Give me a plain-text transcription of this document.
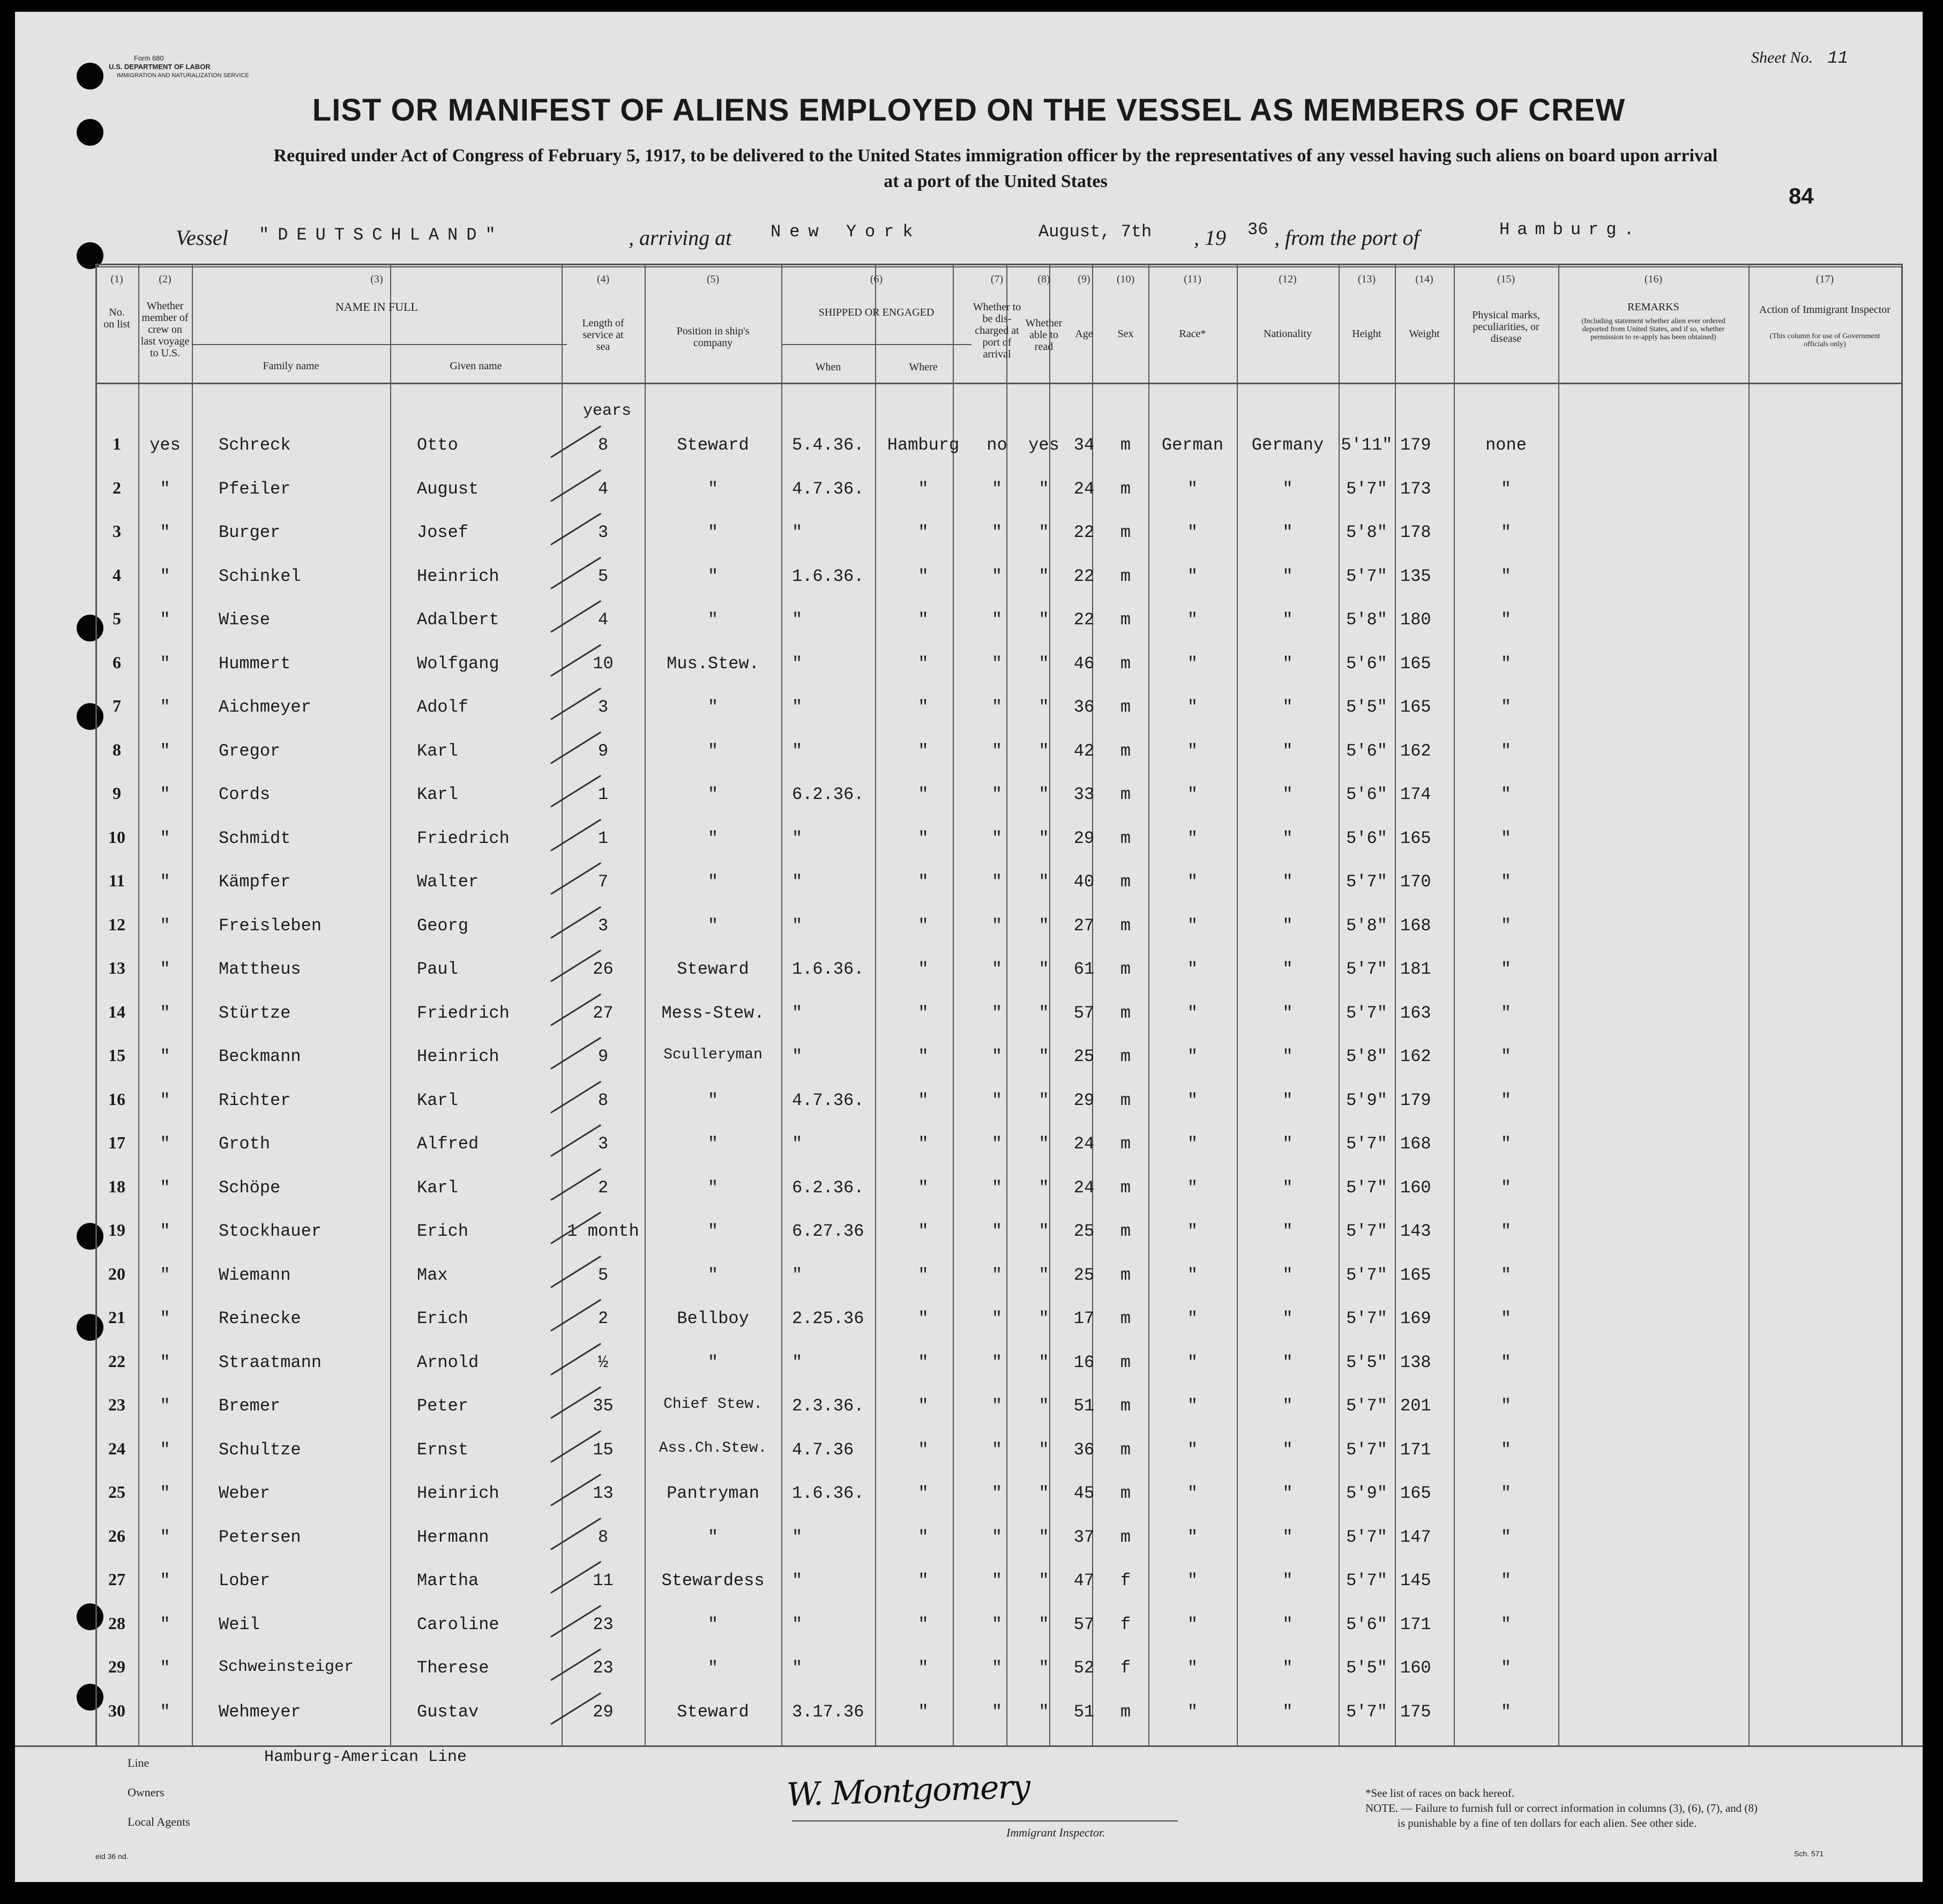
Form 680
U.S. DEPARTMENT OF LABOR
IMMIGRATION AND NATURALIZATION SERVICE
Sheet No. 11
LIST OR MANIFEST OF ALIENS EMPLOYED ON THE VESSEL AS MEMBERS OF CREW
Required under Act of Congress of February 5, 1917, to be delivered to the United States immigration officer by the representatives of any vessel having such aliens on board upon arrival
at a port of the United States
84
Vessel "DEUTSCHLAND"	, arriving at New York	August, 7th , 19 36 , from the port of	Hamburg.
(1)	(2)	(3)	(4)	(5)	(6)	(7)	(8)	(9)	(10)	(11)	(12)	(13)	(14)	(15)	(16)	(17)
No. on list
Whether member of crew on last voyage to U.S.
NAME IN FULL
Family name	Given name
Length of service at sea
Position in ship's company
SHIPPED OR ENGAGED
When	Where
Whether to be dis-charged at port of arrival
Whether able to read
Age	Sex	Race*	Nationality	Height	Weight
Physical marks, peculiarities, or disease
REMARKS
(Including statement whether alien ever ordered deported from United States, and if so, whether permission to re-apply has been obtained)
Action of Immigrant Inspector
(This column for use of Government officials only)
years
1	yes	Schreck	Otto	8	Steward	5.4.36.	Hamburg	no	yes 34	m	German	Germany	5'11" 179	none
2	"	Pfeiler	August	4	"	4.7.36.	"	"	"	24	m	"	"	5'7" 173	"
3	"	Burger	Josef	3	"	"	"	"	"	22	m	"	"	5'8" 178	"
4	"	Schinkel	Heinrich	5	"	1.6.36.	"	"	"	22	m	"	"	5'7" 135	"
5	"	Wiese	Adalbert	4	"	"	"	"	"	22	m	"	"	5'8" 180	"
6	"	Hummert	Wolfgang	10	Mus.Stew.	"	"	"	"	46	m	"	"	5'6" 165	"
7	"	Aichmeyer	Adolf	3	"	"	"	"	"	36	m	"	"	5'5" 165	"
8	"	Gregor	Karl	9	"	"	"	"	"	42	m	"	"	5'6" 162	"
9	"	Cords	Karl	1	"	6.2.36.	"	"	"	33	m	"	"	5'6" 174	"
10	"	Schmidt	Friedrich	1	"	"	"	"	"	29	m	"	"	5'6" 165	"
11	"	Kämpfer	Walter	7	"	"	"	"	"	40	m	"	"	5'7" 170	"
12	"	Freisleben	Georg	3	"	"	"	"	"	27	m	"	"	5'8" 168	"
13	"	Mattheus	Paul	26	Steward	1.6.36.	"	"	"	61	m	"	"	5'7" 181	"
14	"	Stürtze	Friedrich	27	Mess-Stew.	"	"	"	"	57	m	"	"	5'7" 163	"
15	"	Beckmann	Heinrich	9	Sculleryman	"	"	"	"	25	m	"	"	5'8" 162	"
16	"	Richter	Karl	8	"	4.7.36.	"	"	"	29	m	"	"	5'9" 179	"
17	"	Groth	Alfred	3	"	"	"	"	"	24	m	"	"	5'7" 168	"
18	"	Schöpe	Karl	2	"	6.2.36.	"	"	"	24	m	"	"	5'7" 160	"
19	"	Stockhauer	Erich	1 month	"	6.27.36	"	"	"	25	m	"	"	5'7" 143	"
20	"	Wiemann	Max	5	"	"	"	"	"	25	m	"	"	5'7" 165	"
21	"	Reinecke	Erich	2	Bellboy	2.25.36	"	"	"	17	m	"	"	5'7" 169	"
22	"	Straatmann	Arnold	½	"	"	"	"	"	16	m	"	"	5'5" 138	"
23	"	Bremer	Peter	35	Chief Stew.	2.3.36.	"	"	"	51	m	"	"	5'7" 201	"
24	"	Schultze	Ernst	15	Ass.Ch.Stew.	4.7.36	"	"	"	36	m	"	"	5'7" 171	"
25	"	Weber	Heinrich	13	Pantryman	1.6.36.	"	"	"	45	m	"	"	5'9" 165	"
26	"	Petersen	Hermann	8	"	"	"	"	"	37	m	"	"	5'7" 147	"
27	"	Lober	Martha	11	Stewardess	"	"	"	"	47	f	"	"	5'7" 145	"
28	"	Weil	Caroline	23	"	"	"	"	"	57	f	"	"	5'6" 171	"
29	"	Schweinsteiger	Therese	23	"	"	"	"	"	52	f	"	"	5'5" 160	"
30	"	Wehmeyer	Gustav	29	Steward	3.17.36	"	"	"	51	m	"	"	5'7" 175	"
Line	Hamburg-American Line
Owners
Local Agents
W. Montgomery
Immigrant Inspector.
*See list of races on back hereof.
NOTE. — Failure to furnish full or correct information in columns (3), (6), (7), and (8)
is punishable by a fine of ten dollars for each alien. See other side.
eid 36 nd.	Sch. 571
